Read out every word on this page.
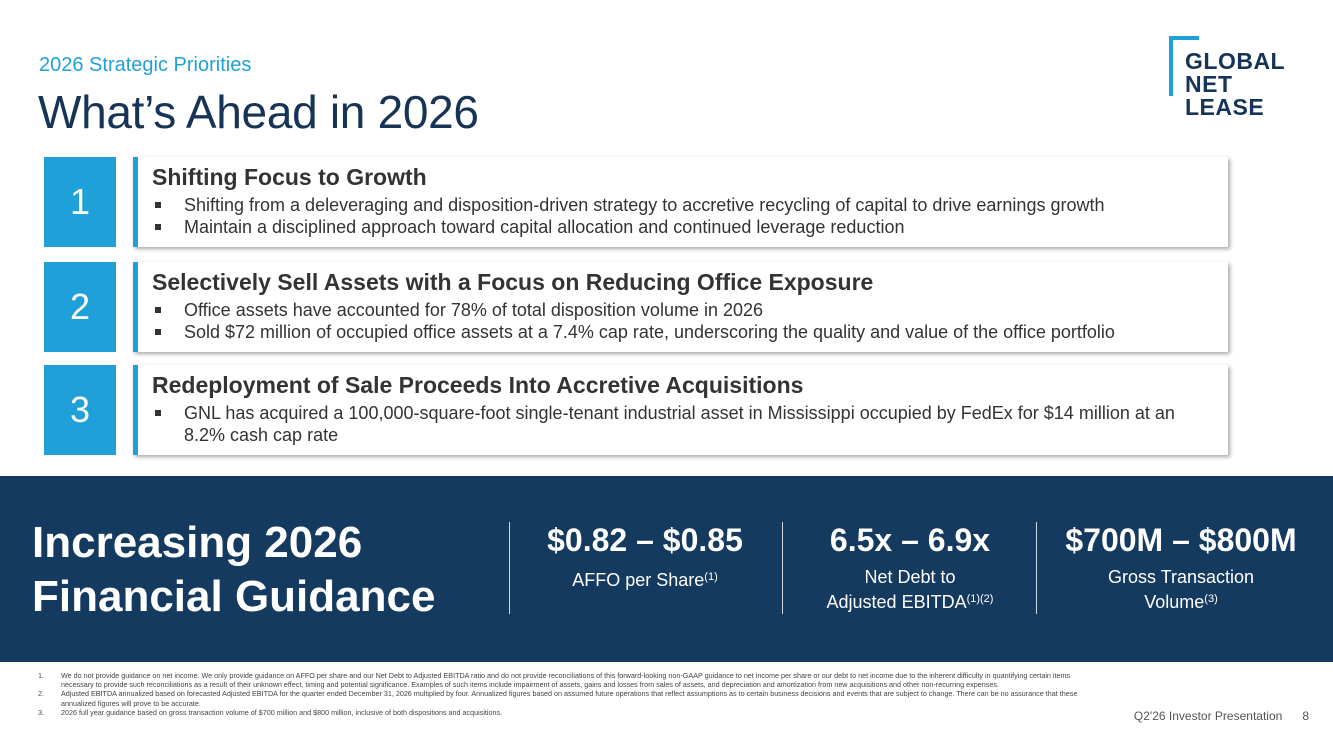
2026 Strategic Priorities
What’s Ahead in 2026
GLOBAL
NET
LEASE
1
Shifting Focus to Growth
Shifting from a deleveraging and disposition-driven strategy to accretive recycling of capital to drive earnings growth
Maintain a disciplined approach toward capital allocation and continued leverage reduction
2
Selectively Sell Assets with a Focus on Reducing Office Exposure
Office assets have accounted for 78% of total disposition volume in 2026
Sold $72 million of occupied office assets at a 7.4% cap rate, underscoring the quality and value of the office portfolio
3
Redeployment of Sale Proceeds Into Accretive Acquisitions
GNL has acquired a 100,000-square-foot single-tenant industrial asset in Mississippi occupied by FedEx for $14 million at an 8.2% cash cap rate
Increasing 2026
Financial Guidance
$0.82 – $0.85
AFFO per Share$^{(1)}$
6.5x – 6.9x
Net Debt to
Adjusted $EBITDA^{(1)(2)}$
$700M – $800M
Gross Transaction
Volume$^{(3)}$
1. We do not provide guidance on net income. We only provide guidance on AFFO per share and our Net Debt to Adjusted EBITDA ratio and do not provide reconciliations of this forward-looking non-GAAP guidance to net income per share or our debt to net income due to the inherent difficulty in quantifying certain items necessary to provide such reconciliations as a result of their unknown effect, timing and potential significance. Examples of such items include impairment of assets, gains and losses from sales of assets, and depreciation and amortization from new acquisitions and other non-recurring expenses.
2. Adjusted EBITDA annualized based on forecasted Adjusted EBITDA for the quarter ended December 31, 2026 multiplied by four. Annualized figures based on assumed future operations that reflect assumptions as to certain business decisions and events that are subject to change. There can be no assurance that these annualized figures will prove to be accurate.
3. 2026 full year guidance based on gross transaction volume of $700 million and $800 million, inclusive of both dispositions and acquisitions.	Q2'26 Investor Presentation 8
